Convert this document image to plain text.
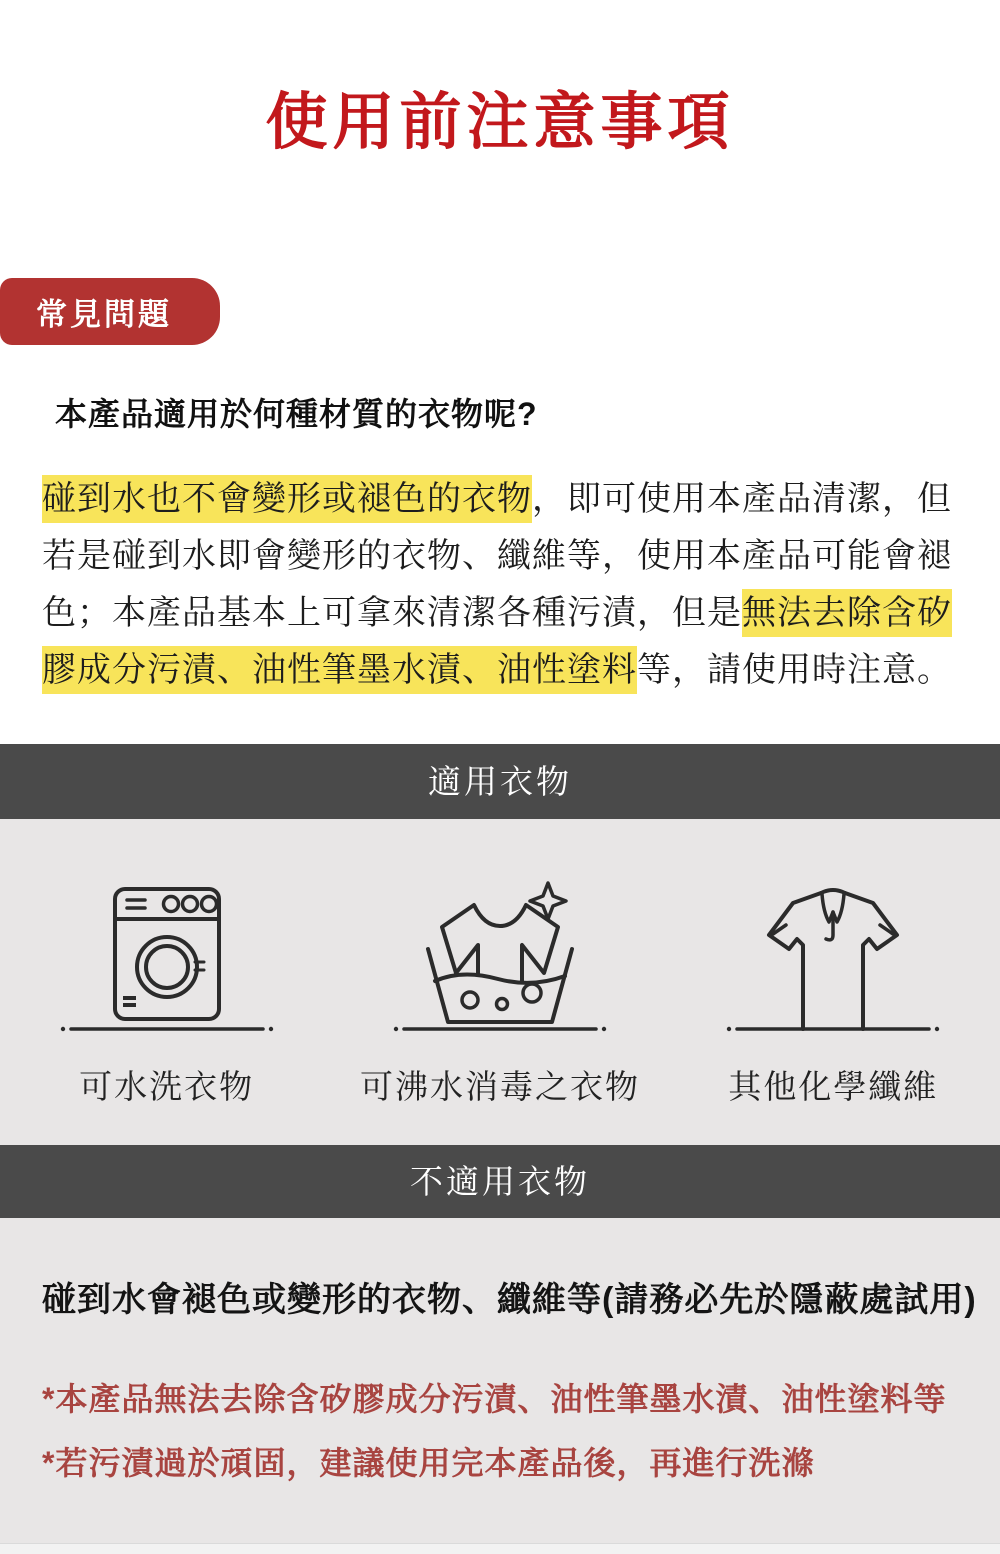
使用前注意事項
常見問題
本產品適用於何種材質的衣物呢?
碰到水也不會變形或褪色的衣物，即可使用本產品清潔，但
若是碰到水即會變形的衣物、纖維等，使用本產品可能會褪
色；本產品基本上可拿來清潔各種污漬，但是無法去除含矽
膠成分污漬、油性筆墨水漬、油性塗料等，請使用時注意。
適用衣物
可水洗衣物	可沸水消毒之衣物	其他化學纖維
不適用衣物
碰到水會褪色或變形的衣物、纖維等(請務必先於隱蔽處試用)
*本產品無法去除含矽膠成分污漬、油性筆墨水漬、油性塗料等
*若污漬過於頑固，建議使用完本產品後，再進行洗滌
